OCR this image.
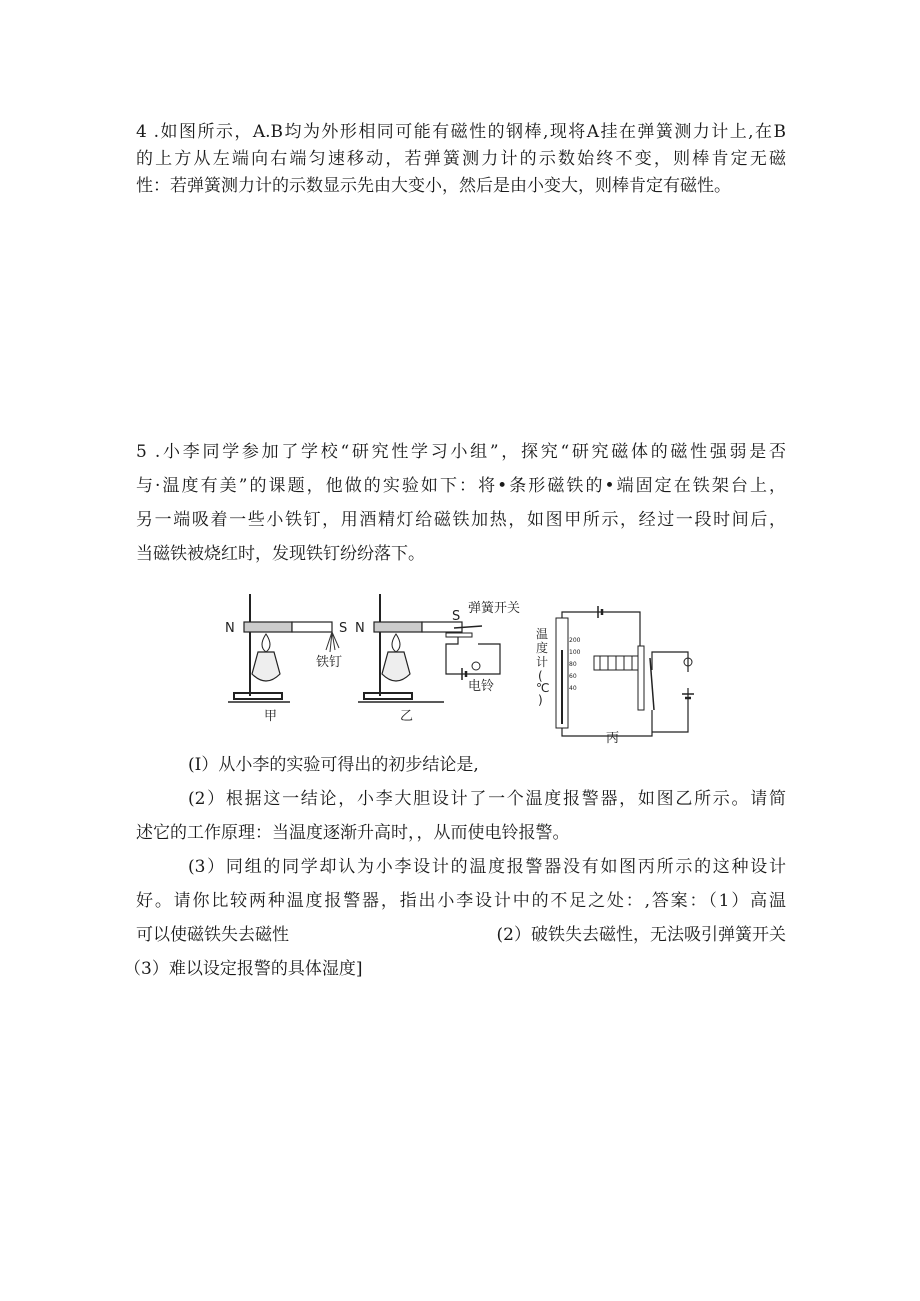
4 .如图所示，A.B均为外形相同可能有磁性的钢棒,现将A挂在弹簧测力计上,在B
的上方从左端向右端匀速移动，若弹簧测力计的示数始终不变，则棒肯定无磁
性：若弹簧测力计的示数显示先由大变小，然后是由小变大，则棒肯定有磁性。
5 .小李同学参加了学校“研究性学习小组”，探究“研究磁体的磁性强弱是否
与·温度有美”的课题，他做的实验如下：将•条形磁铁的•端固定在铁架台上，
另一端吸着一些小铁钉，用酒精灯给磁铁加热，如图甲所示，经过一段时间后，
当磁铁被烧红时，发现铁钉纷纷落下。
N	S
铁钉
甲
N
S
弹簧开关
电铃
乙
温
度
计
(
℃
)
200
100
80
60
40
丙
(I）从小李的实验可得出的初步结论是,
(2）根据这一结论，小李大胆设计了一个温度报警器，如图乙所示。请简
述它的工作原理：当温度逐渐升高时，，从而使电铃报警。
(3）同组的同学却认为小李设计的温度报警器没有如图丙所示的这种设计
好。请你比较两种温度报警器，指出小李设计中的不足之处：,答案：（1）高温
可以使磁铁失去磁性	(2）破铁失去磁性，无法吸引弹簧开关
（3）难以设定报警的具体湿度]
